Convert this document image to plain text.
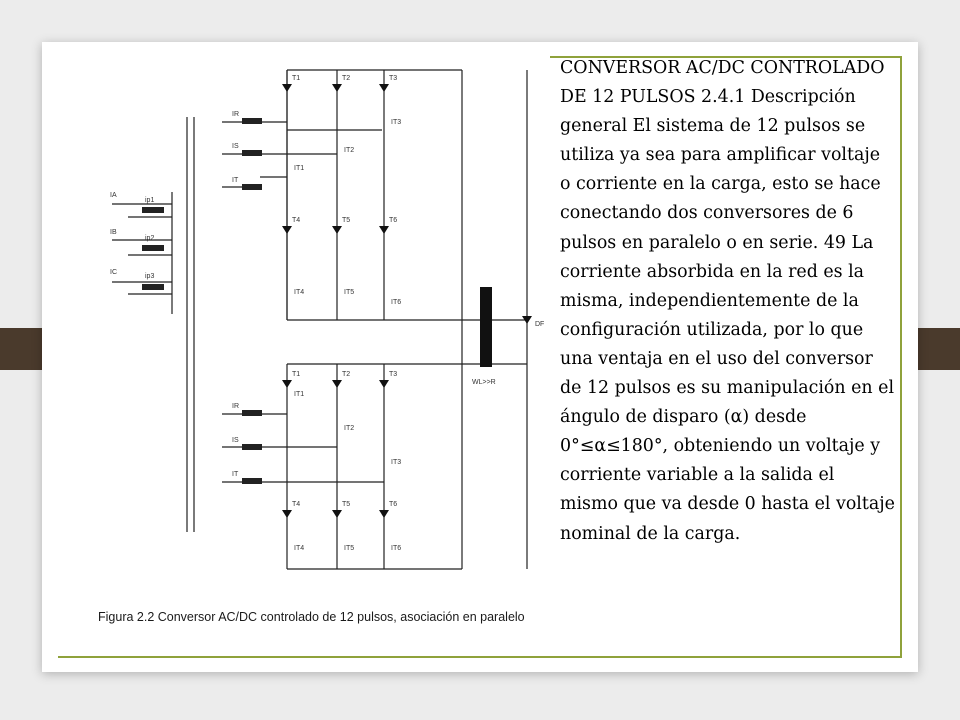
IA
IB
IC
ip1
ip2
ip3
IR
IS
IT
IR
IS
IT
T1	T2	T3
T4	T5	T6
T1	T2	T3
T4	T5	T6
IT1
IT2
IT3
IT4	IT5
IT6
IT1
IT2
IT3
IT4	IT5	IT6
WL>>R
DF
Figura 2.2 Conversor AC/DC controlado de 12 pulsos, asociación en paralelo

CONVERSOR AC/DC CONTROLADO DE 12 PULSOS 2.4.1 Descripción general El sistema de 12 pulsos se utiliza ya sea para amplificar voltaje o corriente en la carga, esto se hace conectando dos conversores de 6 pulsos en paralelo o en serie. 49 La corriente absorbida en la red es la misma, independientemente de la configuración utilizada, por lo que una ventaja en el uso del conversor de 12 pulsos es su manipulación en el ángulo de disparo (α) desde 0°≤α≤180°, obteniendo un voltaje y corriente variable a la salida el mismo que va desde 0 hasta el voltaje nominal de la carga.
